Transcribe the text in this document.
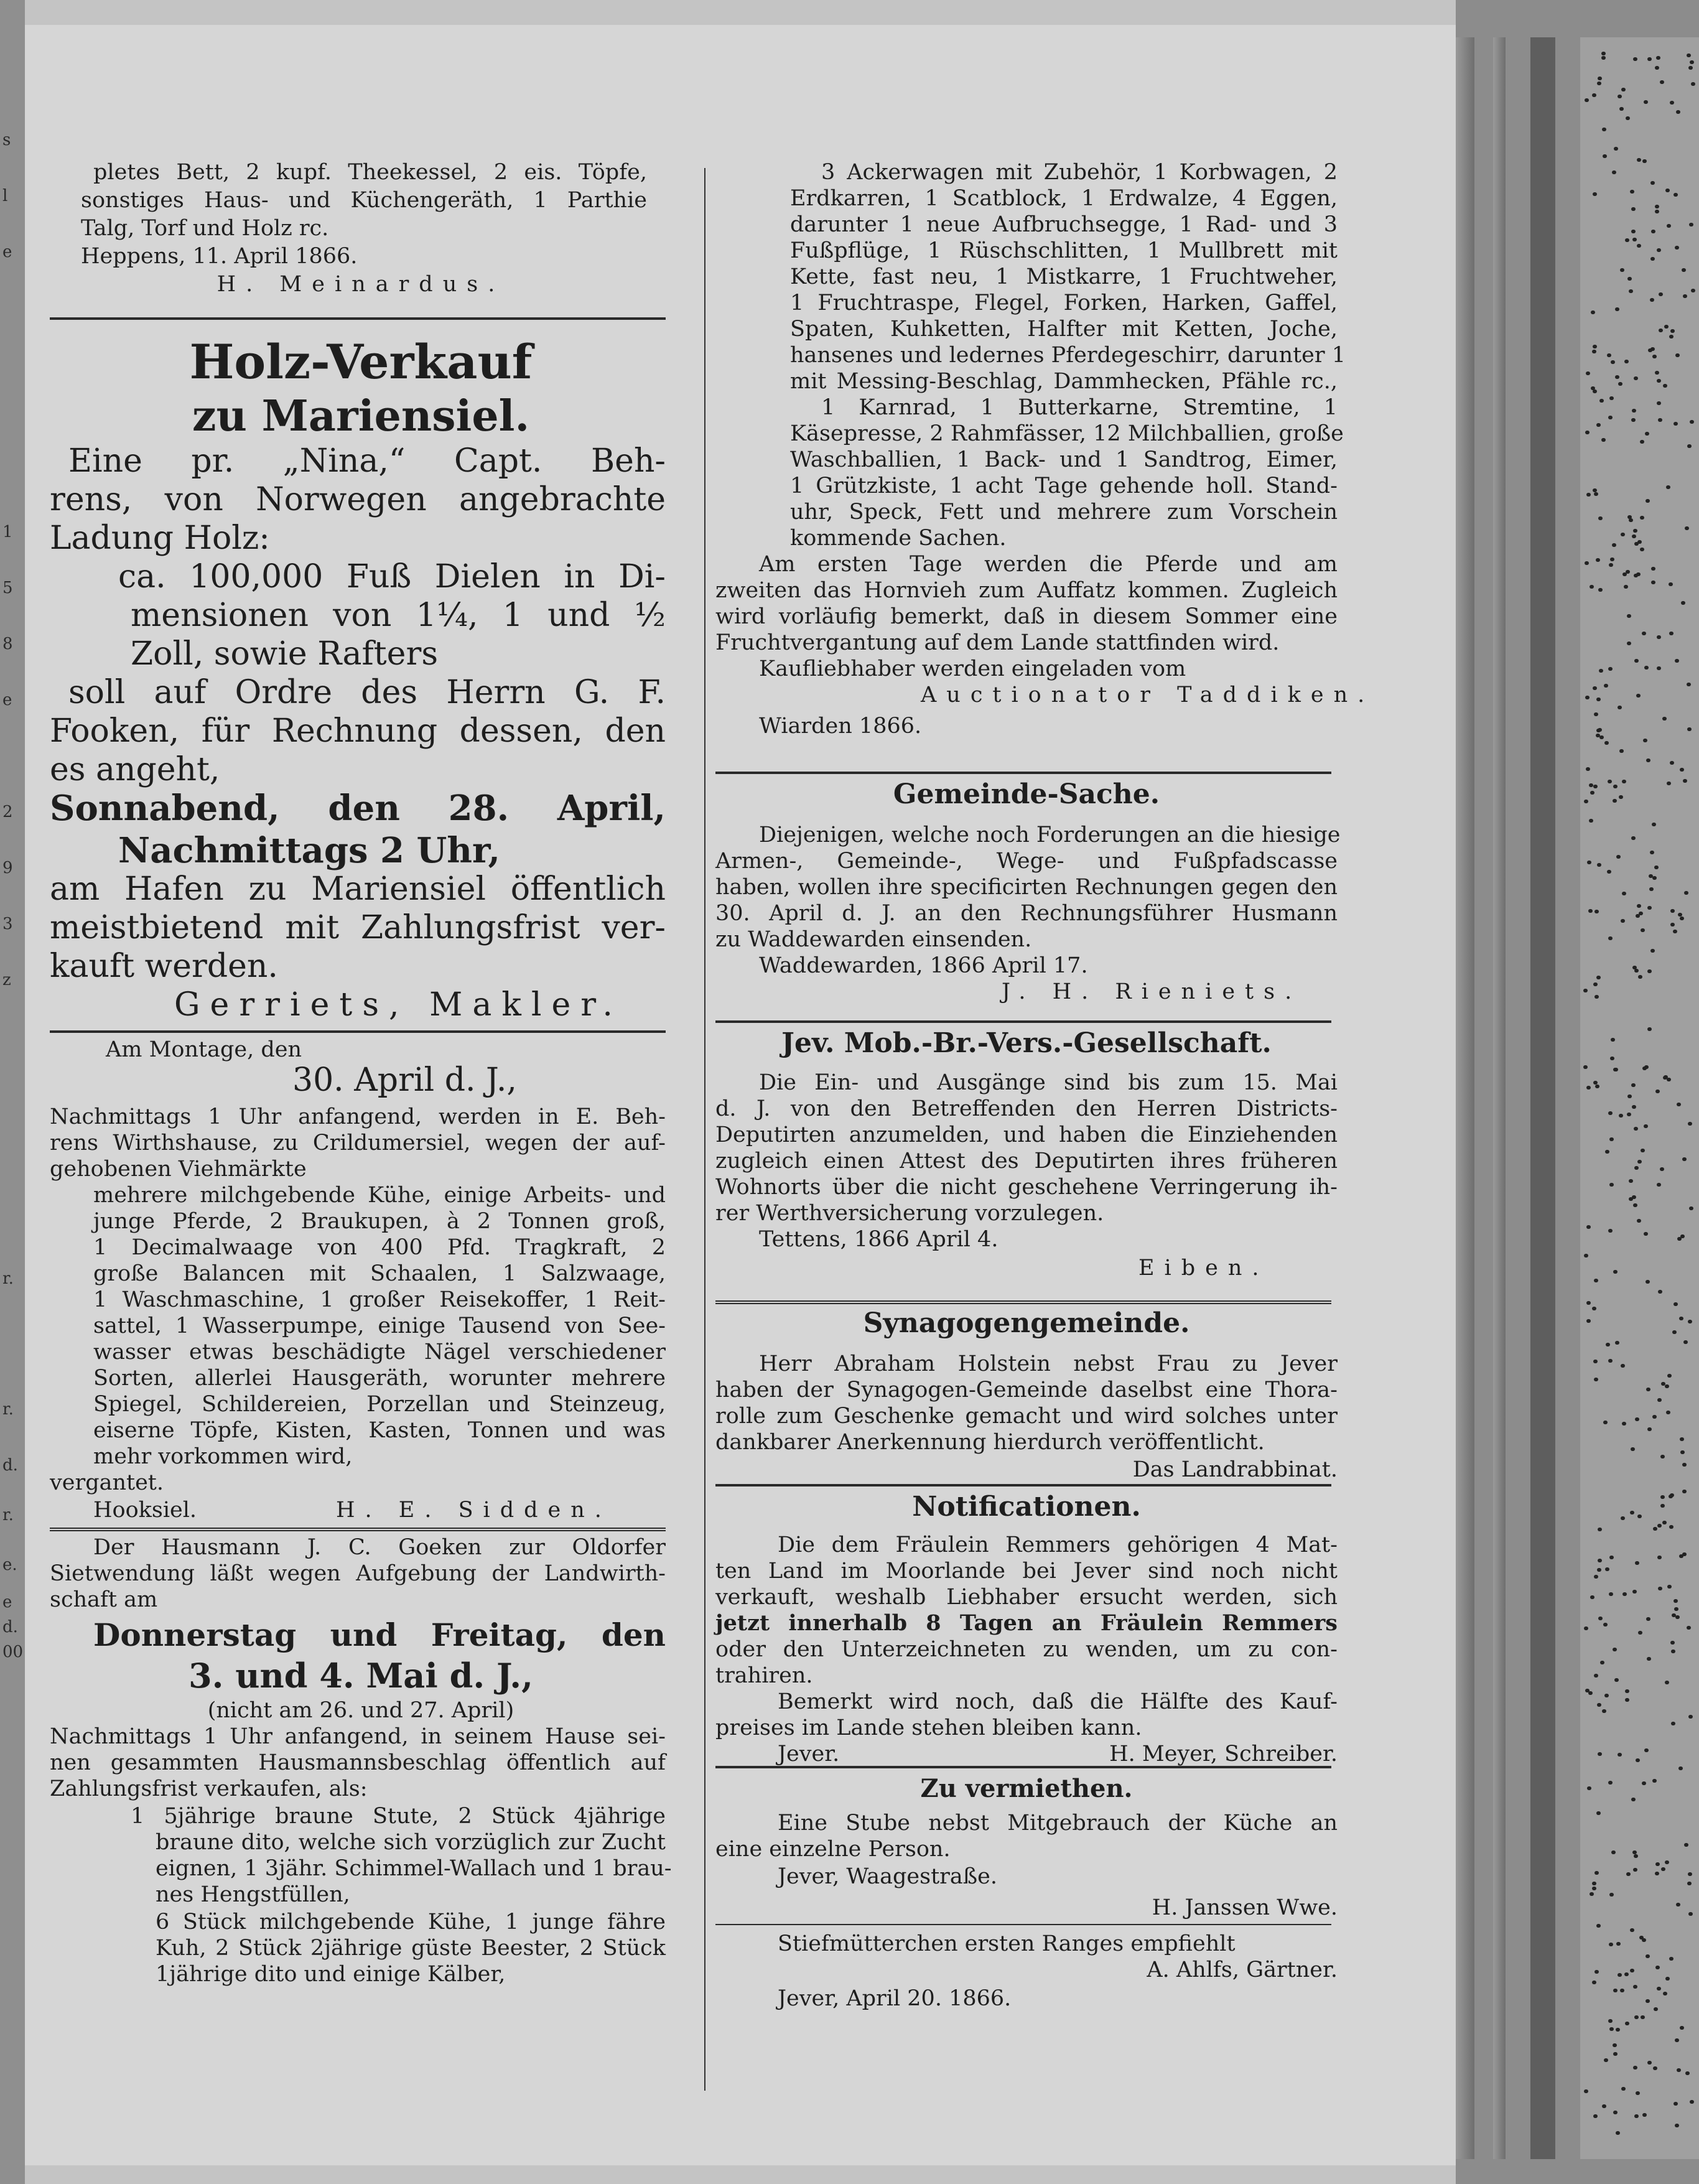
s
l
e
1
5
8
e
2
9
3
z
r.
r.
d.
r.
e.
e
d.
00
pletes Bett, 2 kupf. Theekessel, 2 eis. Töpfe,
sonstiges Haus- und Küchengeräth, 1 Parthie
Talg, Torf und Holz rc.
Heppens, 11. April 1866.
H. Meinardus.
Holz-Verkauf
zu Mariensiel.
Eine pr. „Nina,“ Capt. Beh-
rens, von Norwegen angebrachte
Ladung Holz:
ca. 100,000 Fuß Dielen in Di-
mensionen von 1¼, 1 und ½
Zoll, sowie Rafters
soll auf Ordre des Herrn G. F.
Fooken, für Rechnung dessen, den
es angeht,
Sonnabend, den 28. April,
Nachmittags 2 Uhr,
am Hafen zu Mariensiel öffentlich
meistbietend mit Zahlungsfrist ver-
kauft werden.
Gerriets, Makler.
Am Montage, den
30. April d. J.,
Nachmittags 1 Uhr anfangend, werden in E. Beh-
rens Wirthshause, zu Crildumersiel, wegen der auf-
gehobenen Viehmärkte
mehrere milchgebende Kühe, einige Arbeits- und
junge Pferde, 2 Braukupen, à 2 Tonnen groß,
1 Decimalwaage von 400 Pfd. Tragkraft, 2
große Balancen mit Schaalen, 1 Salzwaage,
1 Waschmaschine, 1 großer Reisekoffer, 1 Reit-
sattel, 1 Wasserpumpe, einige Tausend von See-
wasser etwas beschädigte Nägel verschiedener
Sorten, allerlei Hausgeräth, worunter mehrere
Spiegel, Schildereien, Porzellan und Steinzeug,
eiserne Töpfe, Kisten, Kasten, Tonnen und was
mehr vorkommen wird,
vergantet.
Hooksiel.	H. E. Sidden.
Der Hausmann J. C. Goeken zur Oldorfer
Sietwendung läßt wegen Aufgebung der Landwirth-
schaft am
Donnerstag und Freitag, den
3. und 4. Mai d. J.,
(nicht am 26. und 27. April)
Nachmittags 1 Uhr anfangend, in seinem Hause sei-
nen gesammten Hausmannsbeschlag öffentlich auf
Zahlungsfrist verkaufen, als:
1 5jährige braune Stute, 2 Stück 4jährige
braune dito, welche sich vorzüglich zur Zucht
eignen, 1 3jähr. Schimmel-Wallach und 1 brau-
nes Hengstfüllen,
6 Stück milchgebende Kühe, 1 junge fähre
Kuh, 2 Stück 2jährige güste Beester, 2 Stück
1jährige dito und einige Kälber,
3 Ackerwagen mit Zubehör, 1 Korbwagen, 2
Erdkarren, 1 Scatblock, 1 Erdwalze, 4 Eggen,
darunter 1 neue Aufbruchsegge, 1 Rad- und 3
Fußpflüge, 1 Rüschschlitten, 1 Mullbrett mit
Kette, fast neu, 1 Mistkarre, 1 Fruchtweher,
1 Fruchtraspe, Flegel, Forken, Harken, Gaffel,
Spaten, Kuhketten, Halfter mit Ketten, Joche,
hansenes und ledernes Pferdegeschirr, darunter 1
mit Messing-Beschlag, Dammhecken, Pfähle rc.,
1 Karnrad, 1 Butterkarne, Stremtine, 1
Käsepresse, 2 Rahmfässer, 12 Milchballien, große
Waschballien, 1 Back- und 1 Sandtrog, Eimer,
1 Grützkiste, 1 acht Tage gehende holl. Stand-
uhr, Speck, Fett und mehrere zum Vorschein
kommende Sachen.
Am ersten Tage werden die Pferde und am
zweiten das Hornvieh zum Auffatz kommen. Zugleich
wird vorläufig bemerkt, daß in diesem Sommer eine
Fruchtvergantung auf dem Lande stattfinden wird.
Kaufliebhaber werden eingeladen vom
Auctionator Taddiken.
Wiarden 1866.
Gemeinde-Sache.
Diejenigen, welche noch Forderungen an die hiesige
Armen-, Gemeinde-, Wege- und Fußpfadscasse
haben, wollen ihre specificirten Rechnungen gegen den
30. April d. J. an den Rechnungsführer Husmann
zu Waddewarden einsenden.
Waddewarden, 1866 April 17.
J. H. Rieniets.
Jev. Mob.-Br.-Vers.-Gesellschaft.
Die Ein- und Ausgänge sind bis zum 15. Mai
d. J. von den Betreffenden den Herren Districts-
Deputirten anzumelden, und haben die Einziehenden
zugleich einen Attest des Deputirten ihres früheren
Wohnorts über die nicht geschehene Verringerung ih-
rer Werthversicherung vorzulegen.
Tettens, 1866 April 4.
Eiben.
Synagogengemeinde.
Herr Abraham Holstein nebst Frau zu Jever
haben der Synagogen-Gemeinde daselbst eine Thora-
rolle zum Geschenke gemacht und wird solches unter
dankbarer Anerkennung hierdurch veröffentlicht.
Das Landrabbinat.
Notificationen.
Die dem Fräulein Remmers gehörigen 4 Mat-
ten Land im Moorlande bei Jever sind noch nicht
verkauft, weshalb Liebhaber ersucht werden, sich
jetzt innerhalb 8 Tagen an Fräulein Remmers
oder den Unterzeichneten zu wenden, um zu con-
trahiren.
Bemerkt wird noch, daß die Hälfte des Kauf-
preises im Lande stehen bleiben kann.
Jever.	H. Meyer, Schreiber.
Zu vermiethen.
Eine Stube nebst Mitgebrauch der Küche an
eine einzelne Person.
Jever, Waagestraße.
H. Janssen Wwe.
Stiefmütterchen ersten Ranges empfiehlt
A. Ahlfs, Gärtner.
Jever, April 20. 1866.
